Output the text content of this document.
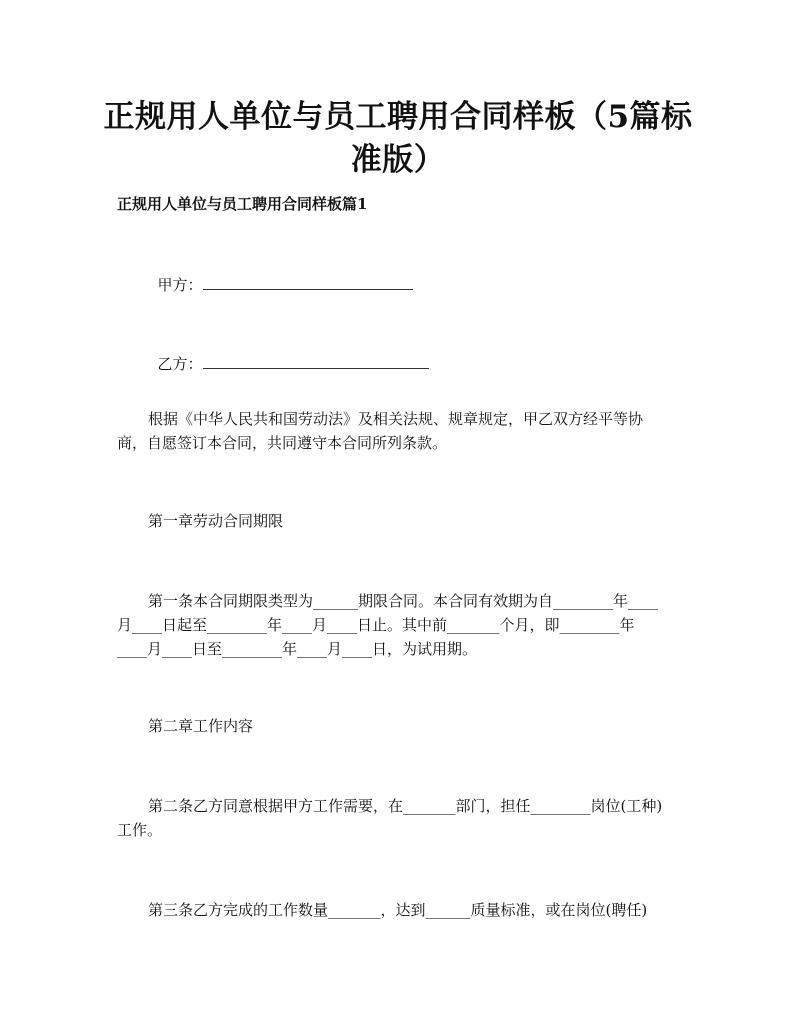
正规用人单位与员工聘用合同样板（5篇标
准版）
正规用人单位与员工聘用合同样板篇1

甲方：

乙方：

根据《中华人民共和国劳动法》及相关法规、规章规定，甲乙双方经平等协

商，自愿签订本合同，共同遵守本合同所列条款。

第一章劳动合同期限

第一条本合同期限类型为______期限合同。本合同有效期为自________年____

月____日起至________年____月____日止。其中前_______个月，即________年

____月____日至________年____月____日，为试用期。

第二章工作内容

第二条乙方同意根据甲方工作需要，在_______部门，担任________岗位(工种)

工作。

第三条乙方完成的工作数量_______，达到______质量标准，或在岗位(聘任)
